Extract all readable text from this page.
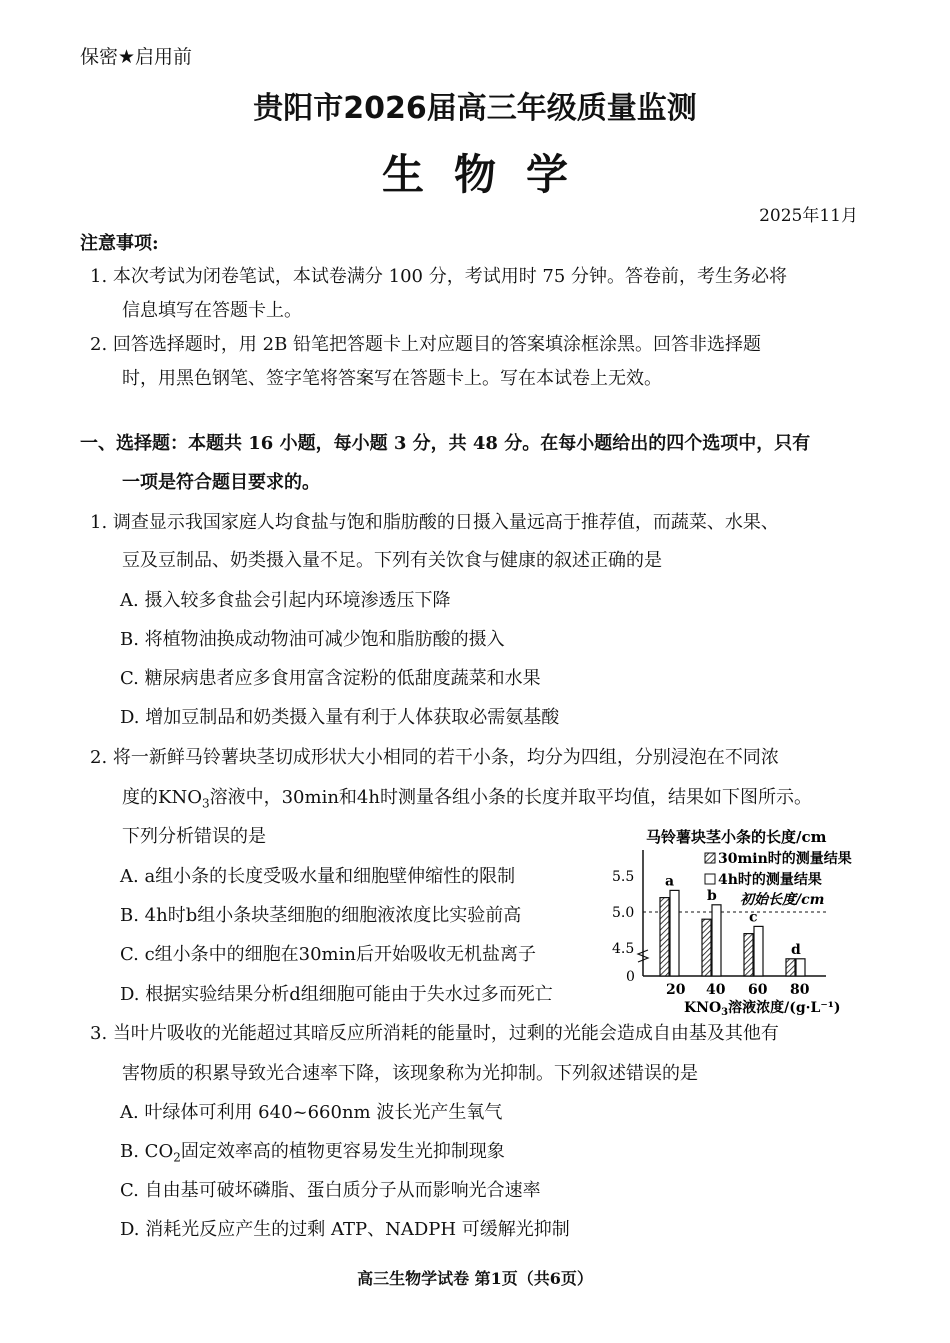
保密★启用前
贵阳市2026届高三年级质量监测
生物学
2025年11月
注意事项:
1. 本次考试为闭卷笔试，本试卷满分 100 分，考试用时 75 分钟。答卷前，考生务必将
信息填写在答题卡上。
2. 回答选择题时，用 2B 铅笔把答题卡上对应题目的答案填涂框涂黑。回答非选择题
时，用黑色钢笔、签字笔将答案写在答题卡上。写在本试卷上无效。
一、选择题：本题共 16 小题，每小题 3 分，共 48 分。在每小题给出的四个选项中，只有
一项是符合题目要求的。
1. 调查显示我国家庭人均食盐与饱和脂肪酸的日摄入量远高于推荐值，而蔬菜、水果、
豆及豆制品、奶类摄入量不足。下列有关饮食与健康的叙述正确的是
A. 摄入较多食盐会引起内环境渗透压下降
B. 将植物油换成动物油可减少饱和脂肪酸的摄入
C. 糖尿病患者应多食用富含淀粉的低甜度蔬菜和水果
D. 增加豆制品和奶类摄入量有利于人体获取必需氨基酸
2. 将一新鲜马铃薯块茎切成形状大小相同的若干小条，均分为四组，分别浸泡在不同浓
度的$KNO_3$溶液中，30min和4h时测量各组小条的长度并取平均值，结果如下图所示。
下列分析错误的是
A. a组小条的长度受吸水量和细胞壁伸缩性的限制
B. 4h时b组小条块茎细胞的细胞液浓度比实验前高
C. c组小条中的细胞在30min后开始吸收无机盐离子
D. 根据实验结果分析d组细胞可能由于失水过多而死亡
马铃薯块茎小条的长度/cm
30min时的测量结果
4h时的测量结果
初始长度/cm
5.5
5.0
4.5
0
a
b
c
d
20 40 60 80
$KNO_3$溶液浓度/(g·L⁻¹)
3. 当叶片吸收的光能超过其暗反应所消耗的能量时，过剩的光能会造成自由基及其他有
害物质的积累导致光合速率下降，该现象称为光抑制。下列叙述错误的是
A. 叶绿体可利用 640~660nm 波长光产生氧气
B. $CO_2$固定效率高的植物更容易发生光抑制现象
C. 自由基可破坏磷脂、蛋白质分子从而影响光合速率
D. 消耗光反应产生的过剩 ATP、NADPH 可缓解光抑制
高三生物学试卷 第1页（共6页）
